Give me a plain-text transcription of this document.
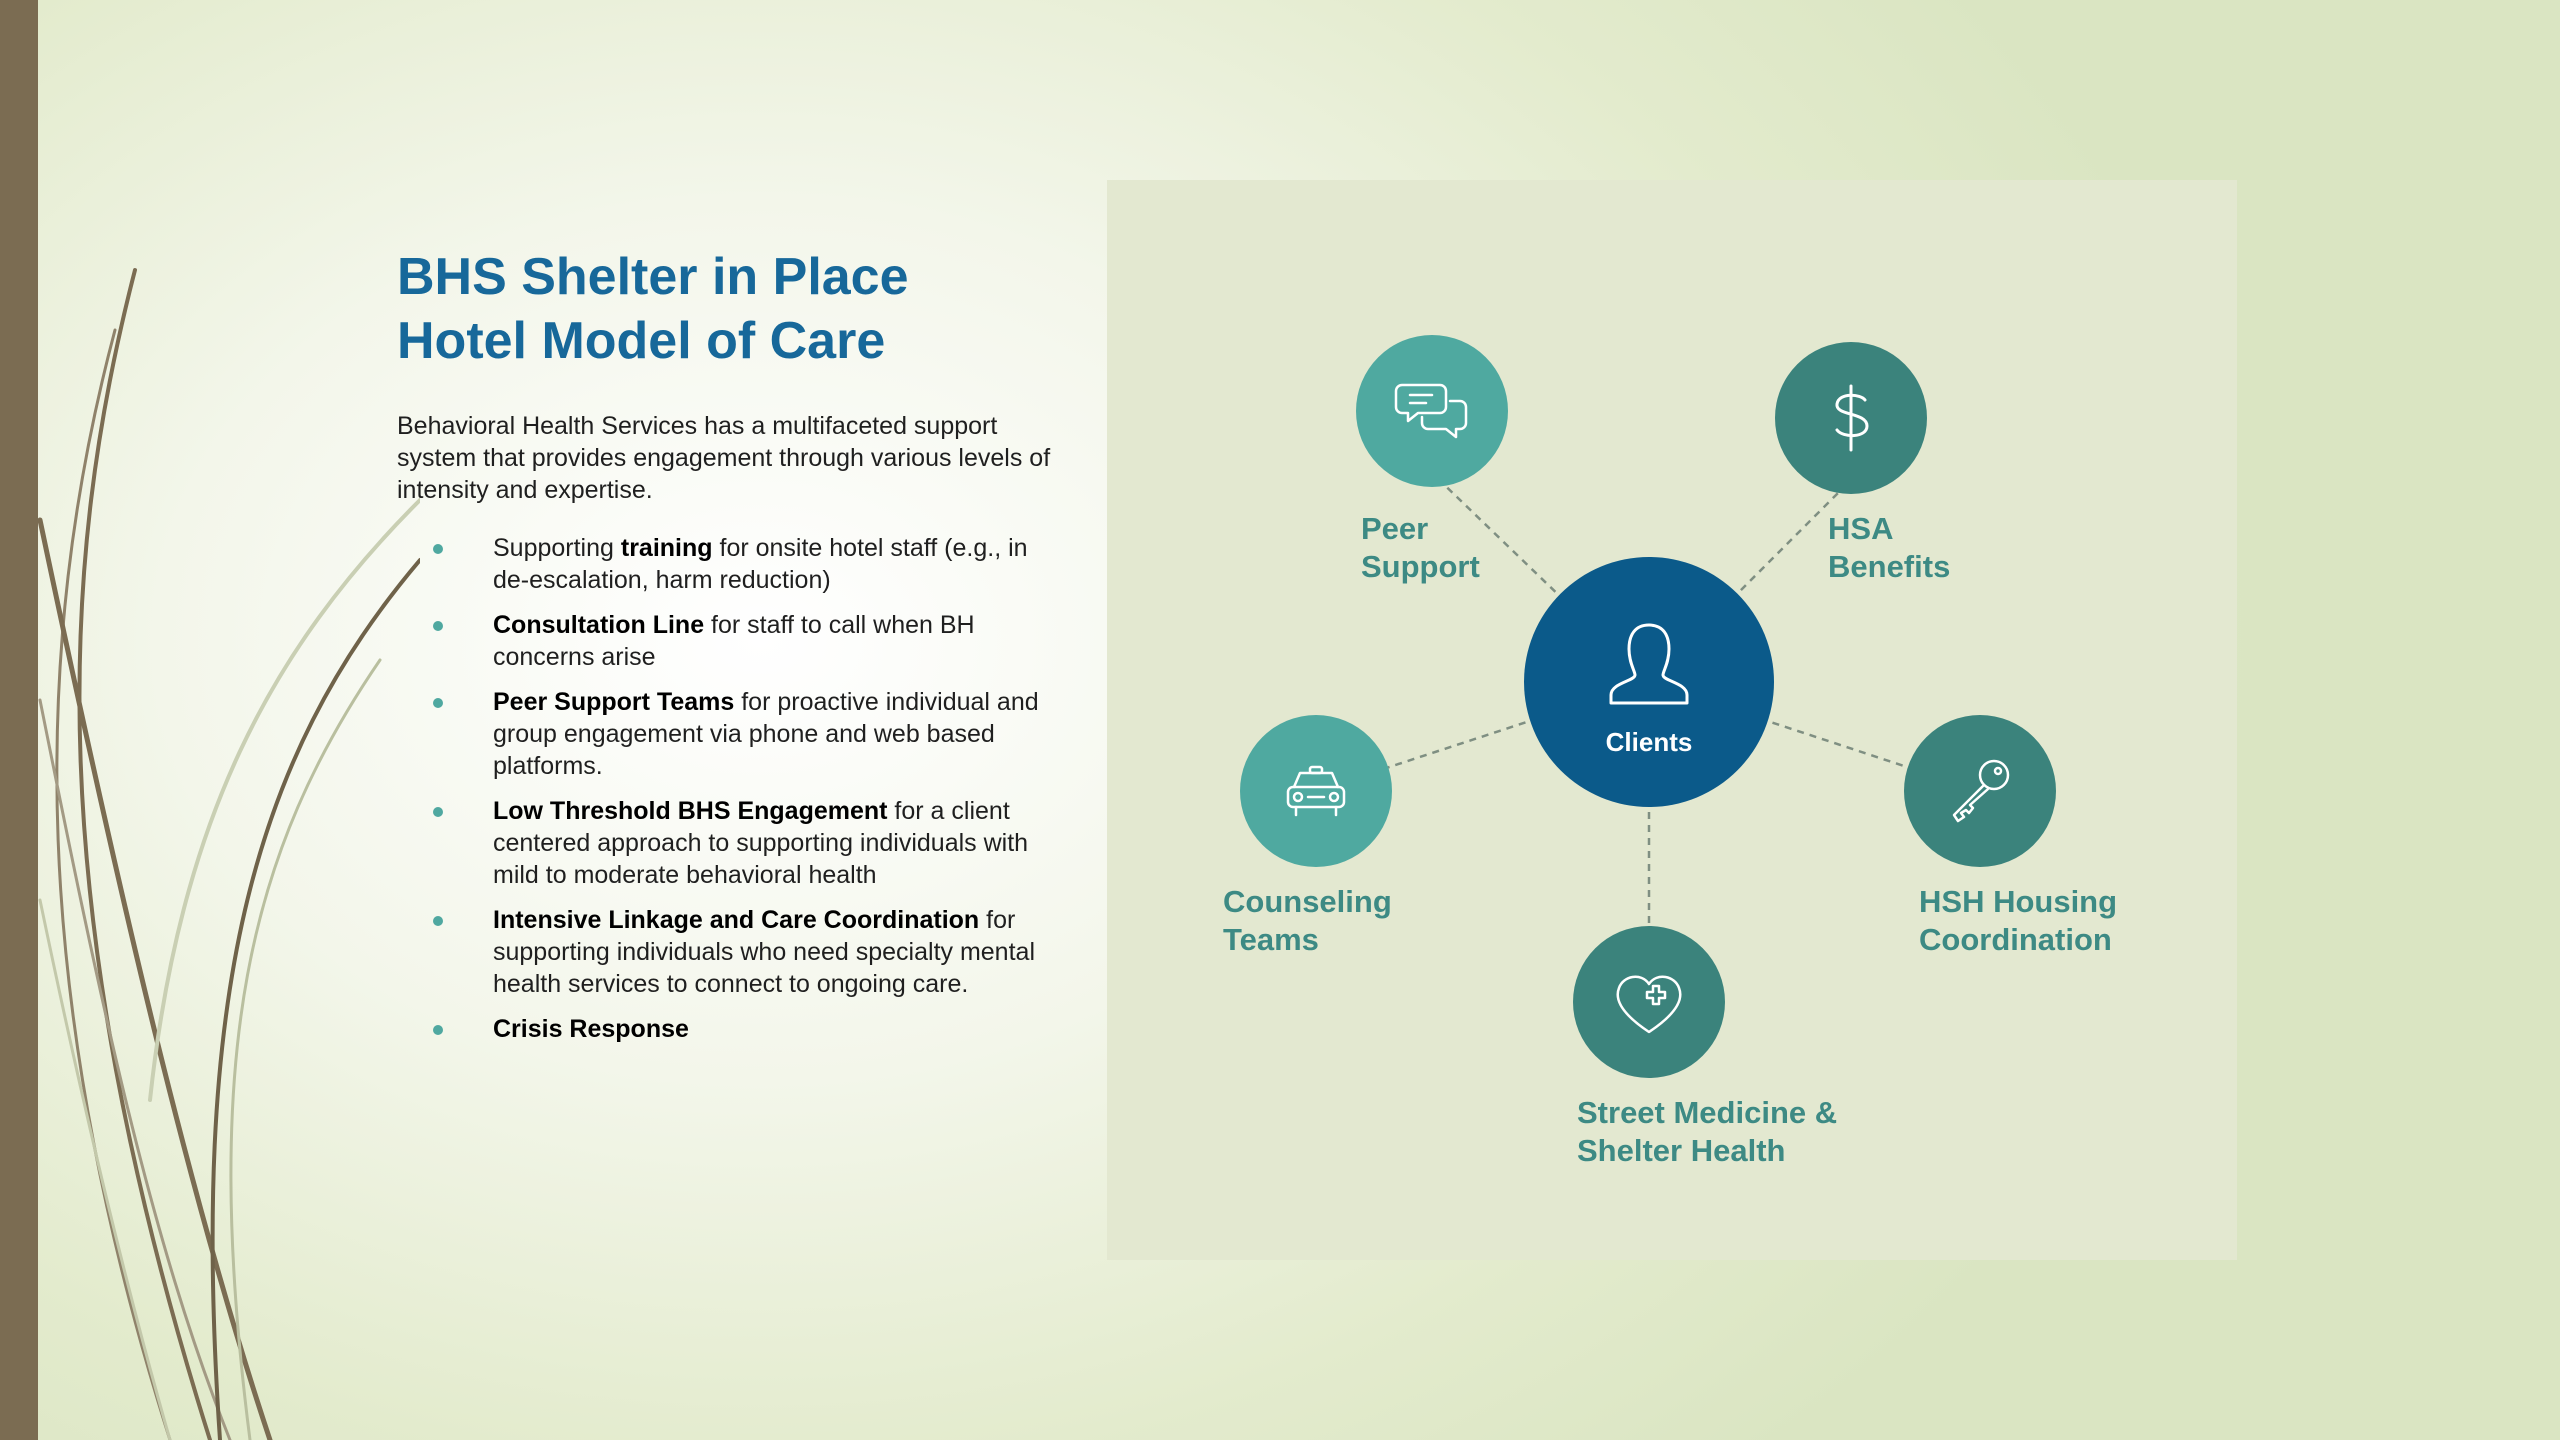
BHS Shelter in Place
Hotel Model of Care

Behavioral Health Services has a multifaceted support system that provides engagement through various levels of intensity and expertise.

Supporting training for onsite hotel staff (e.g., in de-escalation, harm reduction)
Consultation Line for staff to call when BH concerns arise
Peer Support Teams for proactive individual and group engagement via phone and web based platforms.
Low Threshold BHS Engagement for a client centered approach to supporting individuals with mild to moderate behavioral health
Intensive Linkage and Care Coordination for supporting individuals who need specialty mental health services to connect to ongoing care.
Crisis Response
Peer
Support
HSA
Benefits
Counseling
Teams
Clients
HSH Housing
Coordination
Street Medicine &
Shelter Health
